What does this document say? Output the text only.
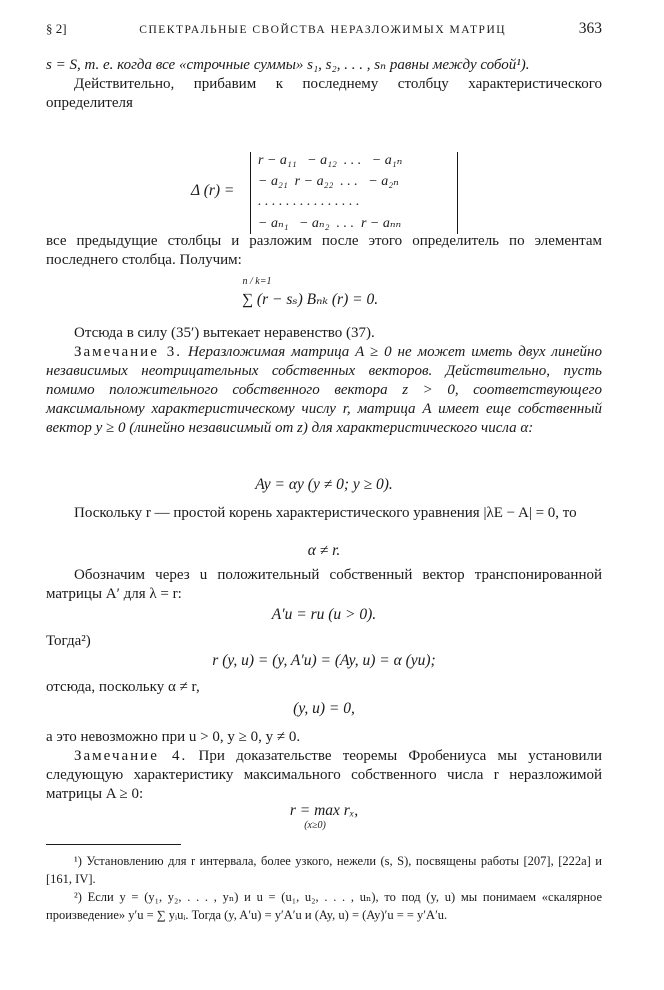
§ 2]	СПЕКТРАЛЬНЫЕ СВОЙСТВА НЕРАЗЛОЖИМЫХ МАТРИЦ	363

s = S, т. е. когда все «строчные суммы» s₁, s₂, . . . , sₙ равны между собой¹).

Действительно, прибавим к последнему столбцу характеристического определителя

Δ (r) =
r − a₁₁   − a₁₂  . . .   − a₁ₙ
− a₂₁  r − a₂₂  . . .   − a₂ₙ
. . . . . . . . . . . . . . .
− aₙ₁   − aₙ₂  . . .  r − aₙₙ

все предыдущие столбцы и разложим после этого определитель по элементам последнего столбца. Получим:

n / k=1
∑ (r − sₛ) Bₙₖ (r) = 0.

Отсюда в силу (35′) вытекает неравенство (37).

Замечание 3. Неразложимая матрица A ≥ 0 не может иметь двух линейно независимых неотрицательных собственных векторов. Действительно, пусть помимо положительного собственного вектора z > 0, соответствующего максимальному характеристическому числу r, матрица A имеет еще собственный вектор y ≥ 0 (линейно независимый от z) для характеристического числа α:

Ay = αy (y ≠ 0; y ≥ 0).

Поскольку r — простой корень характеристического уравнения |λE − A| = 0, то

α ≠ r.

Обозначим через u положительный собственный вектор транспонированной матрицы A′ для λ = r:

A′u = ru (u > 0).

Тогда²)

r (y, u) = (y, A′u) = (Ay, u) = α (yu);

отсюда, поскольку α ≠ r,

(y, u) = 0,

а это невозможно при u > 0, y ≥ 0, y ≠ 0.

Замечание 4. При доказательстве теоремы Фробениуса мы установили следующую характеристику максимального собственного числа r неразложимой матрицы A ≥ 0:

r = max rₓ,
(x≥0)

¹) Установлению для r интервала, более узкого, нежели (s, S), посвящены работы [207], [222a] и [161, IV].

²) Если y = (y₁, y₂, . . . , yₙ) и u = (u₁, u₂, . . . , uₙ), то под (y, u) мы понимаем «скалярное произведение» y′u = ∑ yᵢuᵢ. Тогда (y, A′u) = y′A′u и (Ay, u) = (Ay)′u = = y′A′u.
